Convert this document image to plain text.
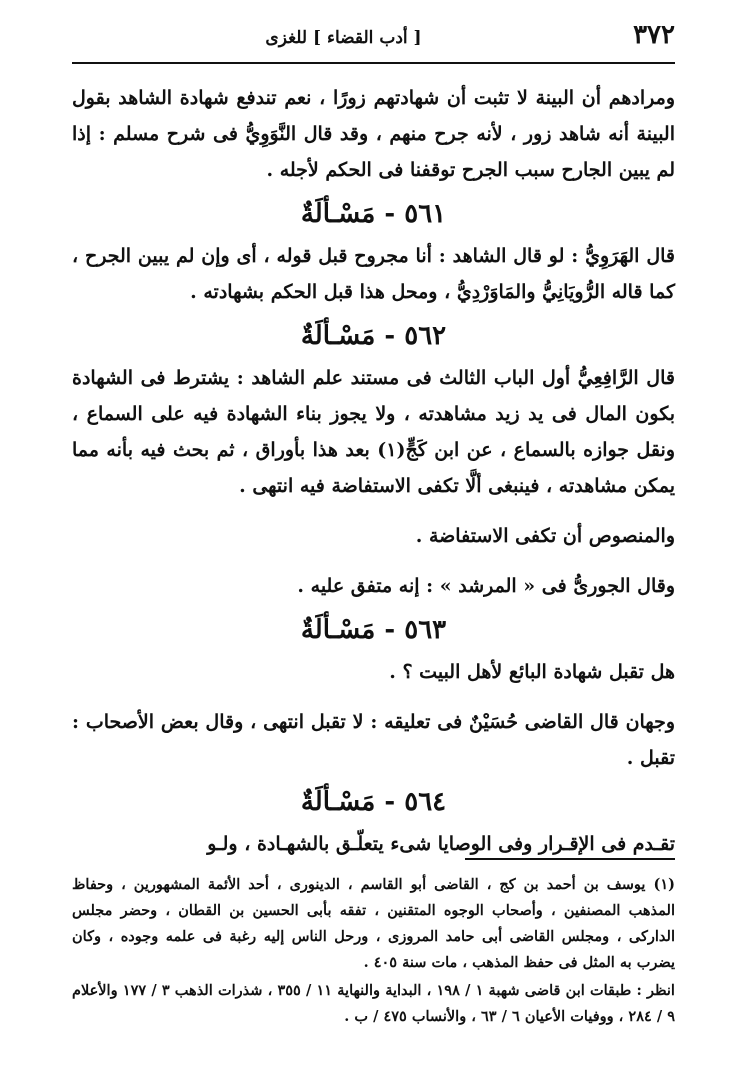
٣٧٢
[ أدب القضاء ] للغزى

ومرادهم أن البينة لا تثبت أن شهادتهم زورًا ، نعم تندفع شهادة الشاهد بقول البينة أنه شاهد زور ، لأنه جرح منهم ، وقد قال النَّوَوِيُّ فى شرح مسلم : إذا لم يبين الجارح سبب الجرح توقفنا فى الحكم لأجله .

٥٦١ - مَسْـألَةٌ

قال الهَرَوِيُّ : لو قال الشاهد : أنا مجروح قبل قوله ، أى وإن لم يبين الجرح ، كما قاله الرُّويَانِيُّ والمَاوَرْدِيُّ ، ومحل هذا قبل الحكم بشهادته .

٥٦٢ - مَسْـألَةٌ

قال الرَّافِعِيُّ أول الباب الثالث فى مستند علم الشاهد : يشترط فى الشهادة بكون المال فى يد زيد مشاهدته ، ولا يجوز بناء الشهادة فيه على السماع ، ونقل جوازه بالسماع ، عن ابن كَجٍّ(١) بعد هذا بأوراق ، ثم بحث فيه بأنه مما يمكن مشاهدته ، فينبغى ألَّا تكفى الاستفاضة فيه انتهى .

والمنصوص أن تكفى الاستفاضة .

وقال الجورىُّ فى « المرشد » : إنه متفق عليه .

٥٦٣ - مَسْـألَةٌ

هل تقبل شهادة البائع لأهل البيت ؟ .

وجهان قال القاضى حُسَيْنٌ فى تعليقه : لا تقبل انتهى ، وقال بعض الأصحاب : تقبل .

٥٦٤ - مَسْـألَةٌ

تقـدم فى الإقـرار وفى الوصايا شىء يتعلّـق بالشهـادة ، ولـو

(١) يوسف بن أحمد بن كج ، القاضى أبو القاسم ، الدينورى ، أحد الأئمة المشهورين ، وحفاظ المذهب المصنفين ، وأصحاب الوجوه المتقنين ، تفقه بأبى الحسين بن القطان ، وحضر مجلس الداركى ، ومجلس القاضى أبى حامد المروزى ، ورحل الناس إليه رغبة فى علمه وجوده ، وكان يضرب به المثل فى حفظ المذهب ، مات سنة ٤٠٥ .

انظر : طبقات ابن قاضى شهبة ١ / ١٩٨ ، البداية والنهاية ١١ / ٣٥٥ ، شذرات الذهب ٣ / ١٧٧ والأعلام ٩ / ٢٨٤ ، ووفيات الأعيان ٦ / ٦٣ ، والأنساب ٤٧٥ / ب .
